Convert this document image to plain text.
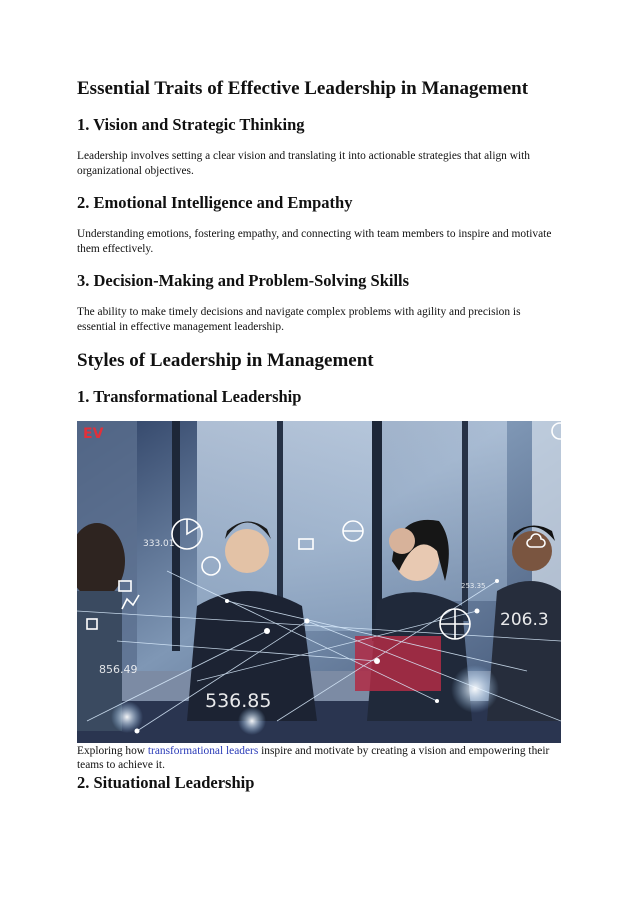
Essential Traits of Effective Leadership in Management
1. Vision and Strategic Thinking
Leadership involves setting a clear vision and translating it into actionable strategies that align with organizational objectives.
2. Emotional Intelligence and Empathy
Understanding emotions, fostering empathy, and connecting with team members to inspire and motivate them effectively.
3. Decision-Making and Problem-Solving Skills
The ability to make timely decisions and navigate complex problems with agility and precision is essential in effective management leadership.
Styles of Leadership in Management
1. Transformational Leadership
333.01
856.49
536.85
206.3
253.35
EV
Exploring how transformational leaders inspire and motivate by creating a vision and empowering their teams to achieve it.
2. Situational Leadership
